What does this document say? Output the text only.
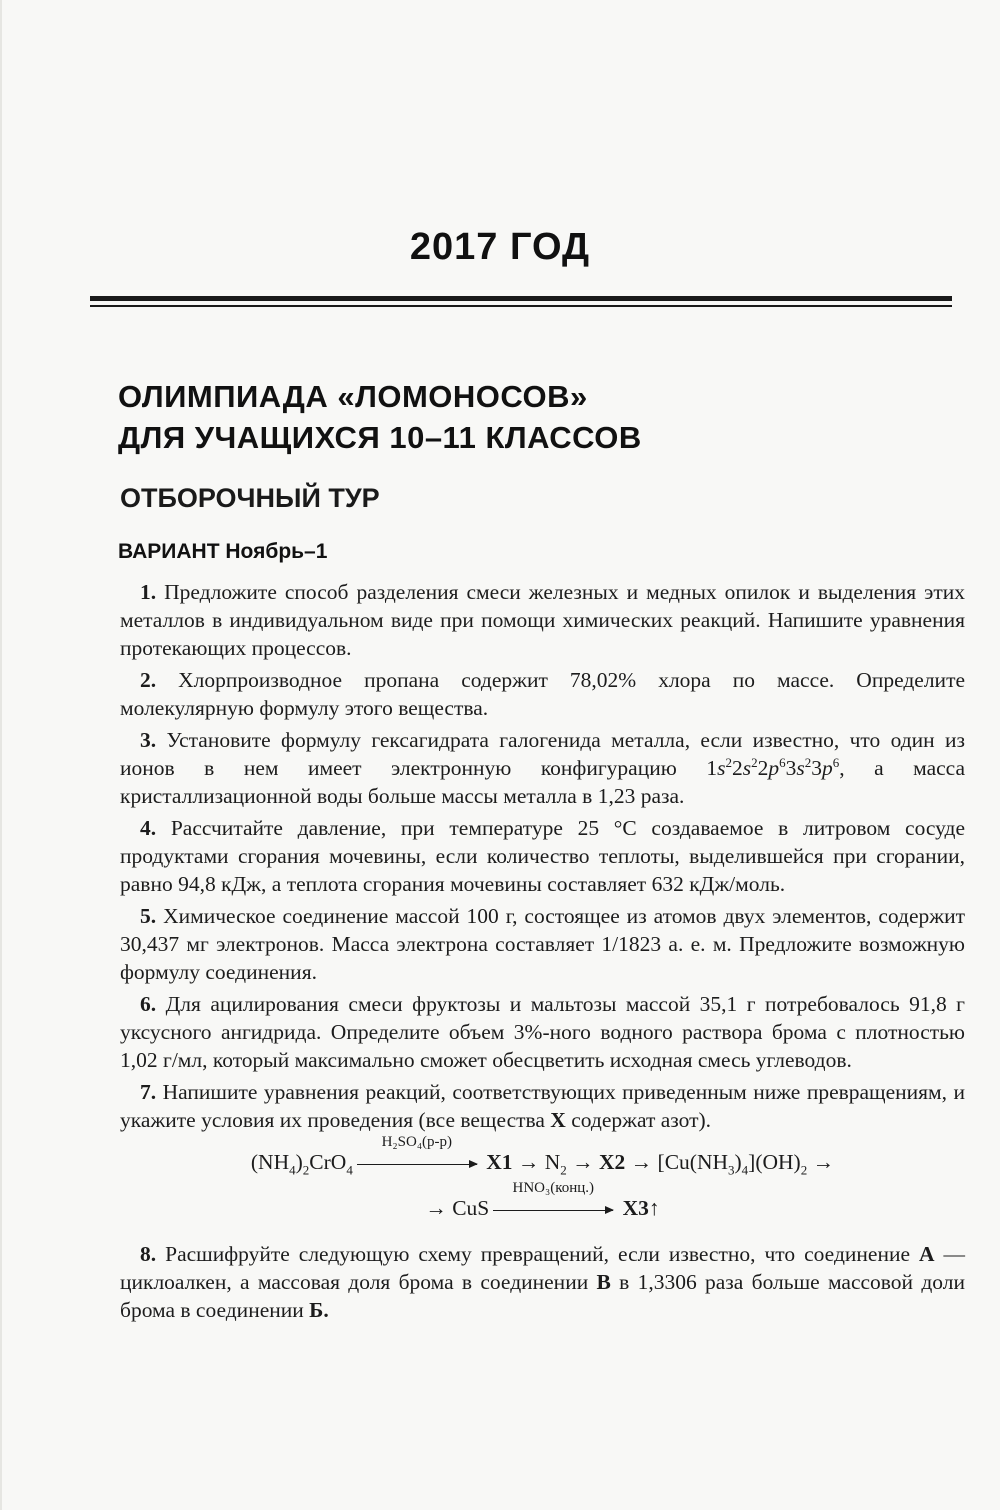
2017 ГОД
ОЛИМПИАДА «ЛОМОНОСОВ»
ДЛЯ УЧАЩИХСЯ 10–11 КЛАССОВ
ОТБОРОЧНЫЙ ТУР
ВАРИАНТ Ноябрь–1

1. Предложите способ разделения смеси железных и медных опилок и выделения этих металлов в индивидуальном виде при помощи химических реакций. Напишите уравнения протекающих процессов.

2. Хлорпроизводное пропана содержит 78,02% хлора по массе. Определите молекулярную формулу этого вещества.

3. Установите формулу гексагидрата галогенида металла, если известно, что один из ионов в нем имеет электронную конфигурацию $1s^22s^22p^63s^23p^6$, а масса кристаллизационной воды больше массы металла в 1,23 раза.

4. Рассчитайте давление, при температуре 25 °C создаваемое в литровом сосуде продуктами сгорания мочевины, если количество теплоты, выделившейся при сгорании, равно 94,8 кДж, а теплота сгорания мочевины составляет 632 кДж/моль.

5. Химическое соединение массой 100 г, состоящее из атомов двух элементов, содержит 30,437 мг электронов. Масса электрона составляет 1/1823 а. е. м. Предложите возможную формулу соединения.

6. Для ацилирования смеси фруктозы и мальтозы массой 35,1 г потребовалось 91,8 г уксусного ангидрида. Определите объем 3%-ного водного раствора брома с плотностью 1,02 г/мл, который максимально сможет обесцветить исходная смесь углеводов.

7. Напишите уравнения реакций, соответствующих приведенным ниже превращениям, и укажите условия их проведения (все вещества X содержат азот).

$(NH_4)_2CrO_4$
H₂SO₄(р-р)
$X1 \to N_2 \to X2 \to [Cu(NH_3)_4](OH)_2$ →
→ CuS
HNO₃(конц.)
X3↑

8. Расшифруйте следующую схему превращений, если известно, что соединение А — циклоалкен, а массовая доля брома в соединении В в 1,3306 раза больше массовой доли брома в соединении Б.
